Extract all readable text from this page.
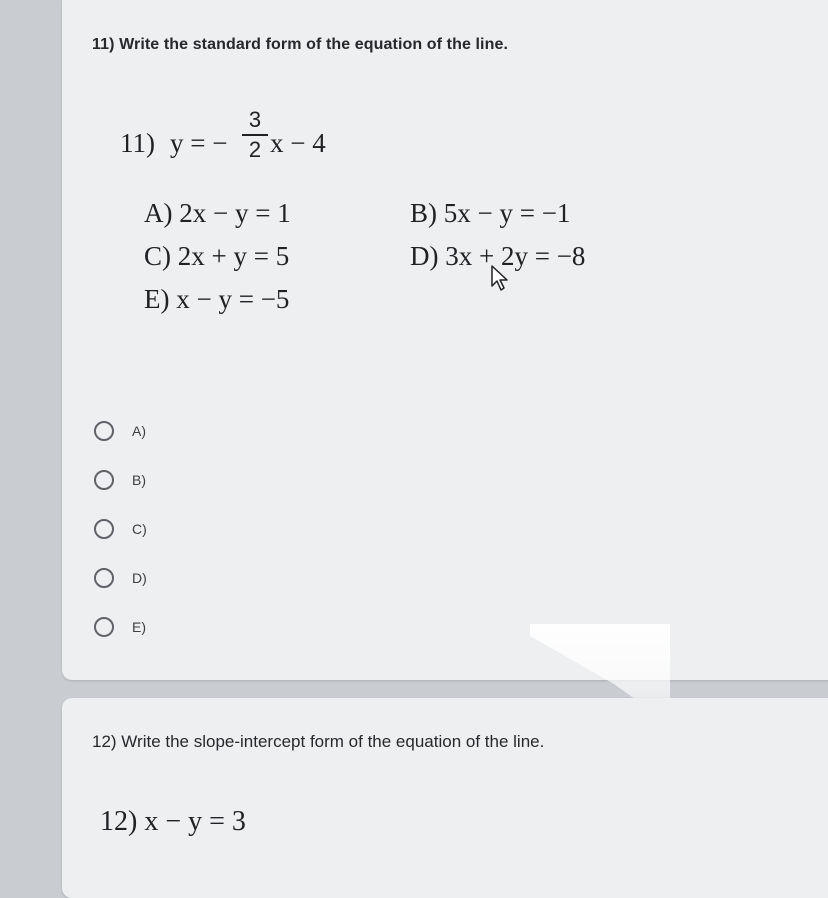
11) Write the standard form of the equation of the line.
11) y = −
3
2 x − 4
A) 2x − y = 1	B) 5x − y = −1
C) 2x + y = 5	D) 3x + 2y = −8
E) x − y = −5
A)
B)
C)
D)
E)
12) Write the slope-intercept form of the equation of the line.
12) x − y = 3
